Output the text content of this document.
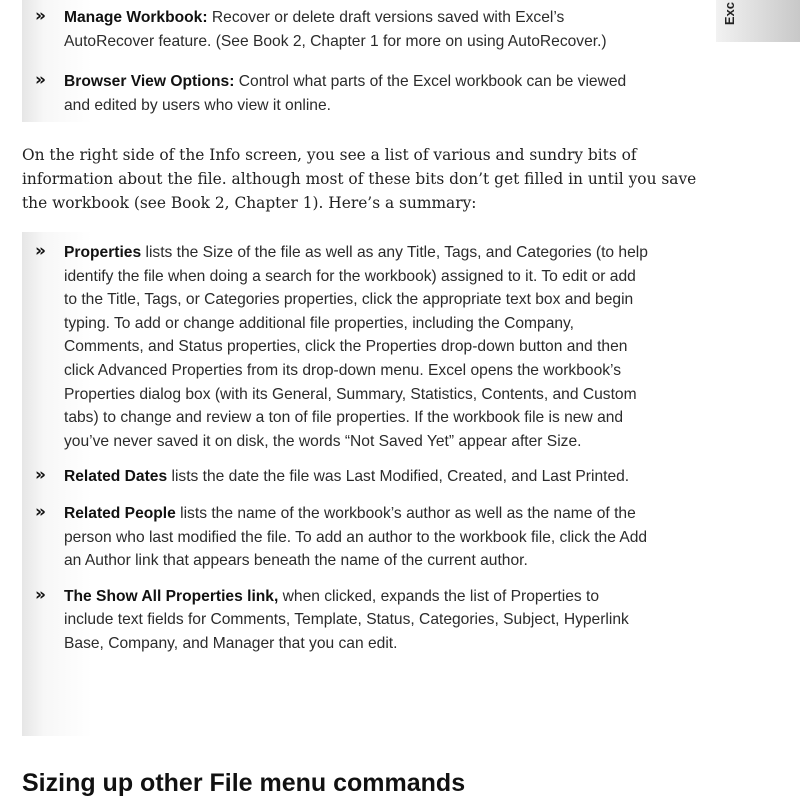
Exc
» Manage Workbook: Recover or delete draft versions saved with Excel’s AutoRecover feature. (See Book 2, Chapter 1 for more on using AutoRecover.)

» Browser View Options: Control what parts of the Excel workbook can be viewed and edited by users who view it online.

On the right side of the Info screen, you see a list of various and sundry bits of information about the file. although most of these bits don’t get filled in until you save the workbook (see Book 2, Chapter 1). Here’s a summary:

» Properties lists the Size of the file as well as any Title, Tags, and Categories (to help identify the file when doing a search for the workbook) assigned to it. To edit or add to the Title, Tags, or Categories properties, click the appropriate text box and begin typing. To add or change additional file properties, including the Company, Comments, and Status properties, click the Properties drop-down button and then click Advanced Properties from its drop-down menu. Excel opens the workbook’s Properties dialog box (with its General, Summary, Statistics, Contents, and Custom tabs) to change and review a ton of file properties. If the workbook file is new and you’ve never saved it on disk, the words “Not Saved Yet” appear after Size.

» Related Dates lists the date the file was Last Modified, Created, and Last Printed.

» Related People lists the name of the workbook’s author as well as the name of the person who last modified the file. To add an author to the workbook file, click the Add an Author link that appears beneath the name of the current author.

» The Show All Properties link, when clicked, expands the list of Properties to include text fields for Comments, Template, Status, Categories, Subject, Hyperlink Base, Company, and Manager that you can edit.

Sizing up other File menu commands
